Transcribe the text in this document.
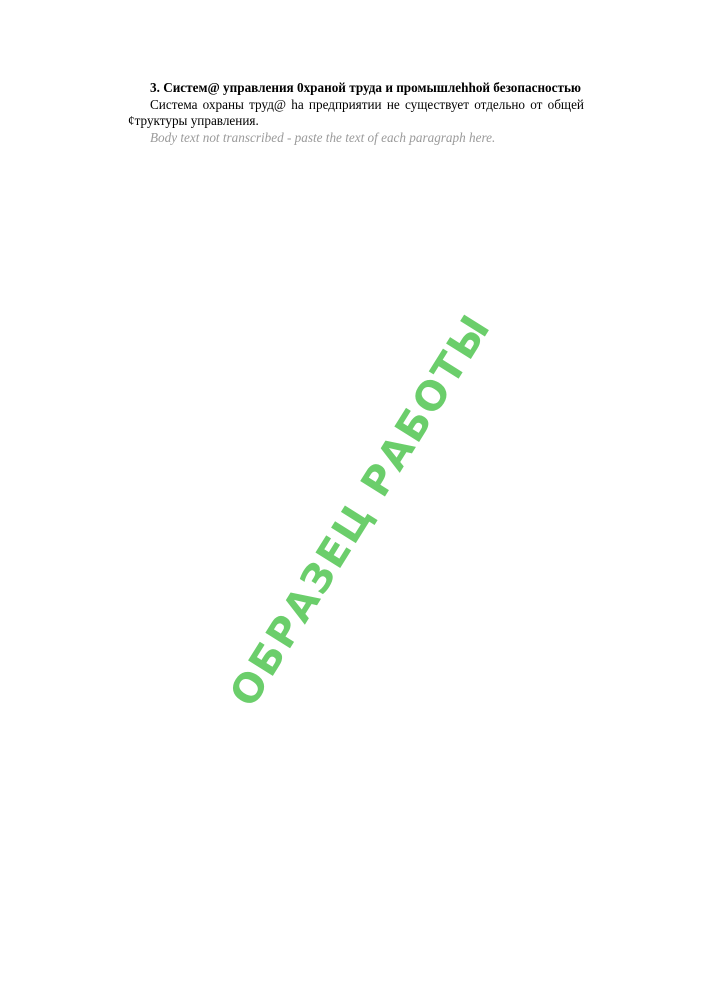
3. Систем@ управления 0храной труда и промышлеhhой безопасностью

Система охраны труд@ ha предприятии не существует отдельно от общей ¢труктуры управления.

Body text not transcribed - paste the text of each paragraph here.

ОБРАЗЕЦ РАБОТЫ
